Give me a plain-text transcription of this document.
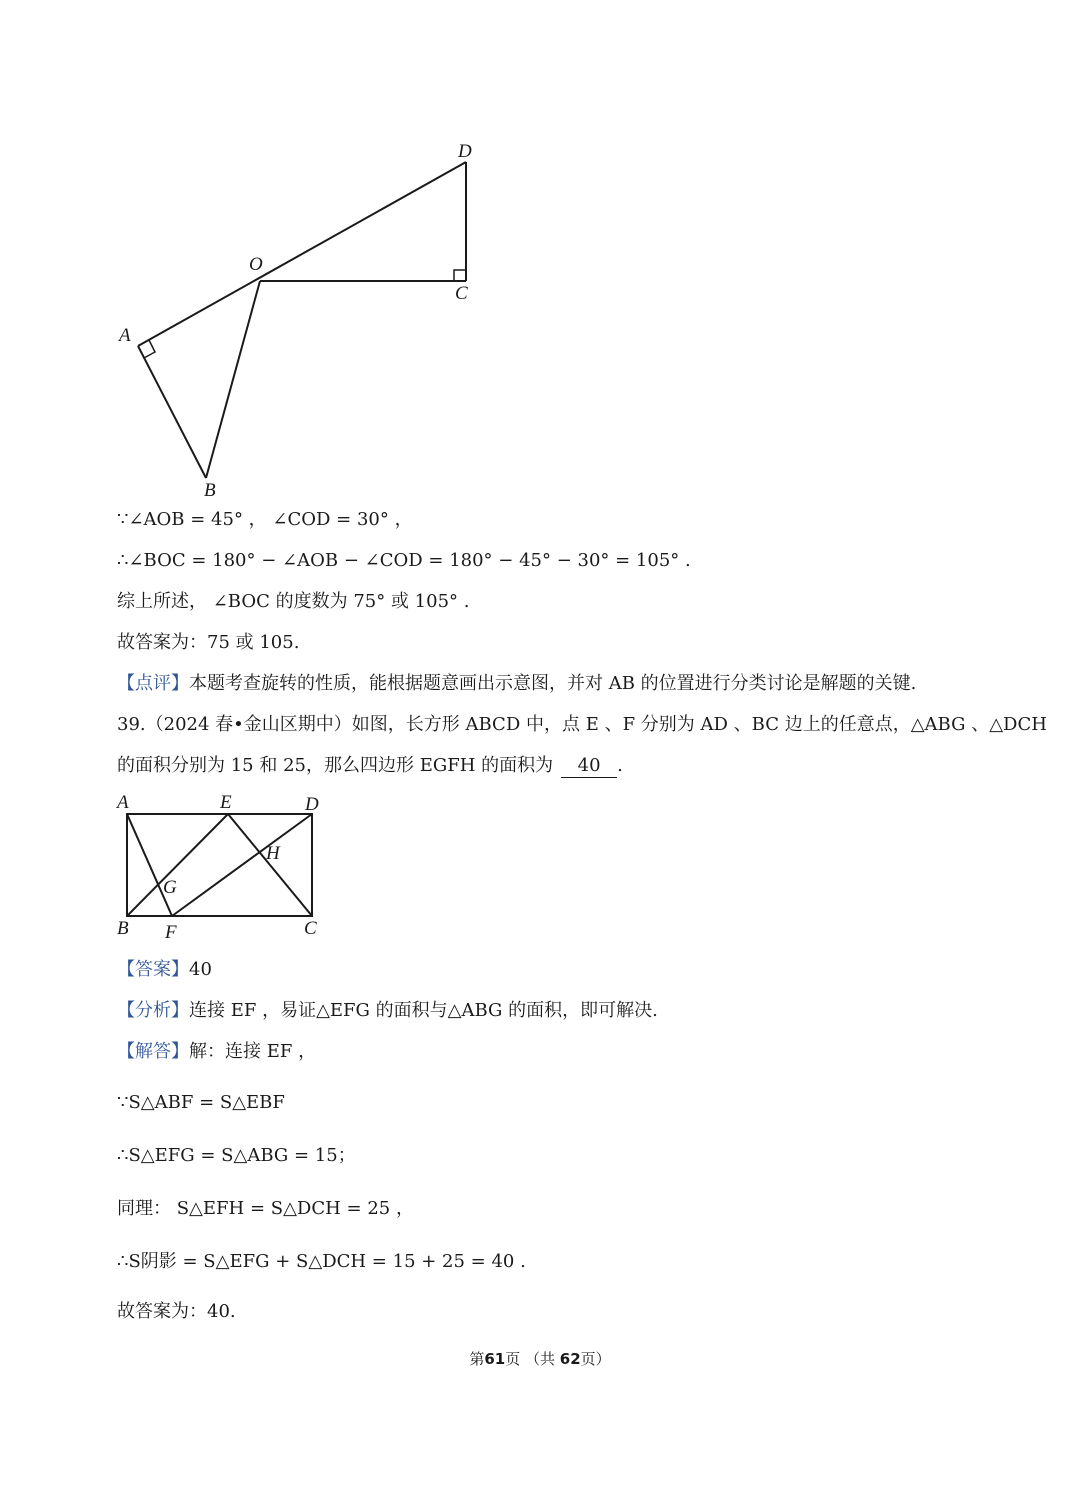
D
O
C
A
B
∵∠AOB = 45° ， ∠COD = 30° ，
∴∠BOC = 180° − ∠AOB − ∠COD = 180° − 45° − 30° = 105° .
综上所述， ∠BOC 的度数为 75° 或 105° .
故答案为：75 或 105.
【点评】本题考查旋转的性质，能根据题意画出示意图，并对 AB 的位置进行分类讨论是解题的关键.
39.（2024 春•金山区期中）如图，长方形 ABCD 中，点 E 、F 分别为 AD 、BC 边上的任意点，△ABG 、△DCH
的面积分别为 15 和 25，那么四边形 EGFH 的面积为 40 .
A	E	D
H
G
B F	C
【答案】40
【分析】连接 EF ，易证△EFG 的面积与△ABG 的面积，即可解决.
【解答】解：连接 EF ，
∵S△ABF = S△EBF
∴S△EFG = S△ABG = 15；
同理： S△EFH = S△DCH = 25 ，
∴S阴影 = S△EFG + S△DCH = 15 + 25 = 40 .
故答案为：40.
第61页 （共 62页）
